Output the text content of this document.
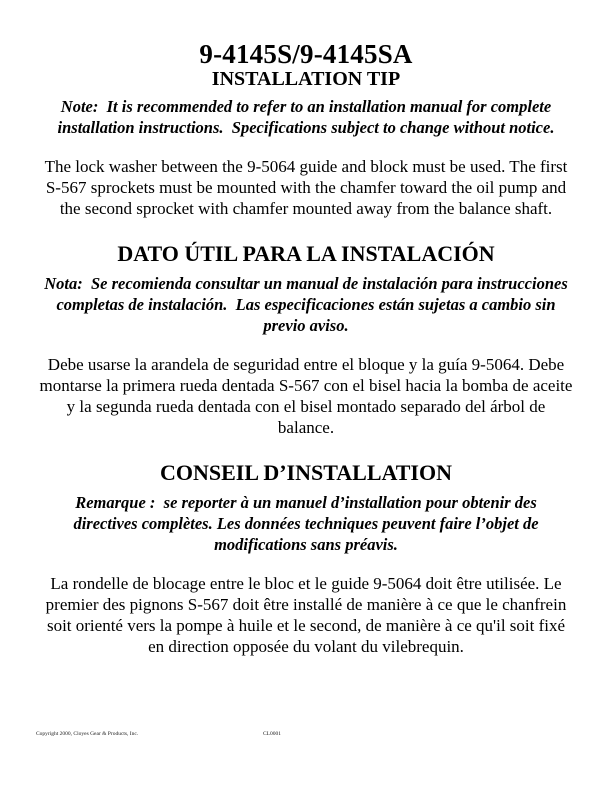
9-4145S/9-4145SA
INSTALLATION TIP

Note:  It is recommended to refer to an installation manual for complete installation instructions.  Specifications subject to change without notice.

The lock washer between the 9-5064 guide and block must be used. The first S-567 sprockets must be mounted with the chamfer toward the oil pump and the second sprocket with chamfer mounted away from the balance shaft.

DATO ÚTIL PARA LA INSTALACIÓN

Nota:  Se recomienda consultar un manual de instalación para instrucciones completas de instalación.  Las especificaciones están sujetas a cambio sin previo aviso.

Debe usarse la arandela de seguridad entre el bloque y la guía 9-5064. Debe montarse la primera rueda dentada S-567 con el bisel hacia la bomba de aceite y la segunda rueda dentada con el bisel montado separado del árbol de balance.

CONSEIL D’INSTALLATION

Remarque :  se reporter à un manuel d’installation pour obtenir des directives complètes. Les données techniques peuvent faire l’objet de modifications sans préavis.

La rondelle de blocage entre le bloc et le guide 9-5064 doit être utilisée. Le premier des pignons S-567 doit être installé de manière à ce que le chanfrein soit orienté vers la pompe à huile et le second, de manière à ce qu'il soit fixé en direction opposée du volant du vilebrequin.

Copyright 2000, Cloyes Gear & Products, Inc.	CL0001
